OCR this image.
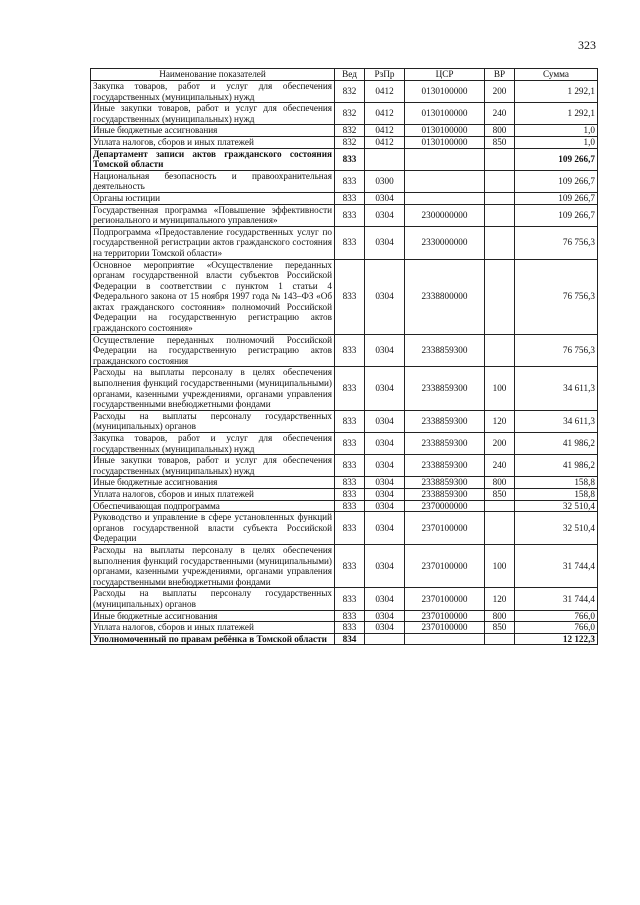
323
Наименование показателей	Вед	РзПр	ЦСР	ВР	Сумма
Закупка товаров, работ и услуг для обеспечения государственных (муниципальных) нужд	832	0412	0130100000	200	1 292,1
Иные закупки товаров, работ и услуг для обеспечения государственных (муниципальных) нужд	832	0412	0130100000	240	1 292,1
Иные бюджетные ассигнования	832	0412	0130100000	800	1,0
Уплата налогов, сборов и иных платежей	832	0412	0130100000	850	1,0
Департамент записи актов гражданского состояния Томской области	833				109 266,7
Национальная безопасность и правоохранительная деятельность	833	0300			109 266,7
Органы юстиции	833	0304			109 266,7
Государственная программа «Повышение эффективности регионального и муниципального управления»	833	0304	2300000000		109 266,7
Подпрограмма «Предоставление государственных услуг по государственной регистрации актов гражданского состояния на территории Томской области»	833	0304	2330000000		76 756,3
Основное мероприятие «Осуществление переданных органам государственной власти субъектов Российской Федерации в соответствии с пунктом 1 статьи 4 Федерального закона от 15 ноября 1997 года № 143–ФЗ «Об актах гражданского состояния» полномочий Российской Федерации на государственную регистрацию актов гражданского состояния»	833	0304	2338800000		76 756,3
Осуществление переданных полномочий Российской Федерации на государственную регистрацию актов гражданского состояния	833	0304	2338859300		76 756,3
Расходы на выплаты персоналу в целях обеспечения выполнения функций государственными (муниципальными) органами, казенными учреждениями, органами управления государственными внебюджетными фондами	833	0304	2338859300	100	34 611,3
Расходы на выплаты персоналу государственных (муниципальных) органов	833	0304	2338859300	120	34 611,3
Закупка товаров, работ и услуг для обеспечения государственных (муниципальных) нужд	833	0304	2338859300	200	41 986,2
Иные закупки товаров, работ и услуг для обеспечения государственных (муниципальных) нужд	833	0304	2338859300	240	41 986,2
Иные бюджетные ассигнования	833	0304	2338859300	800	158,8
Уплата налогов, сборов и иных платежей	833	0304	2338859300	850	158,8
Обеспечивающая подпрограмма	833	0304	2370000000		32 510,4
Руководство и управление в сфере установленных функций органов государственной власти субъекта Российской Федерации	833	0304	2370100000		32 510,4
Расходы на выплаты персоналу в целях обеспечения выполнения функций государственными (муниципальными) органами, казенными учреждениями, органами управления государственными внебюджетными фондами	833	0304	2370100000	100	31 744,4
Расходы на выплаты персоналу государственных (муниципальных) органов	833	0304	2370100000	120	31 744,4
Иные бюджетные ассигнования	833	0304	2370100000	800	766,0
Уплата налогов, сборов и иных платежей	833	0304	2370100000	850	766,0
Уполномоченный по правам ребёнка в Томской области	834				12 122,3
